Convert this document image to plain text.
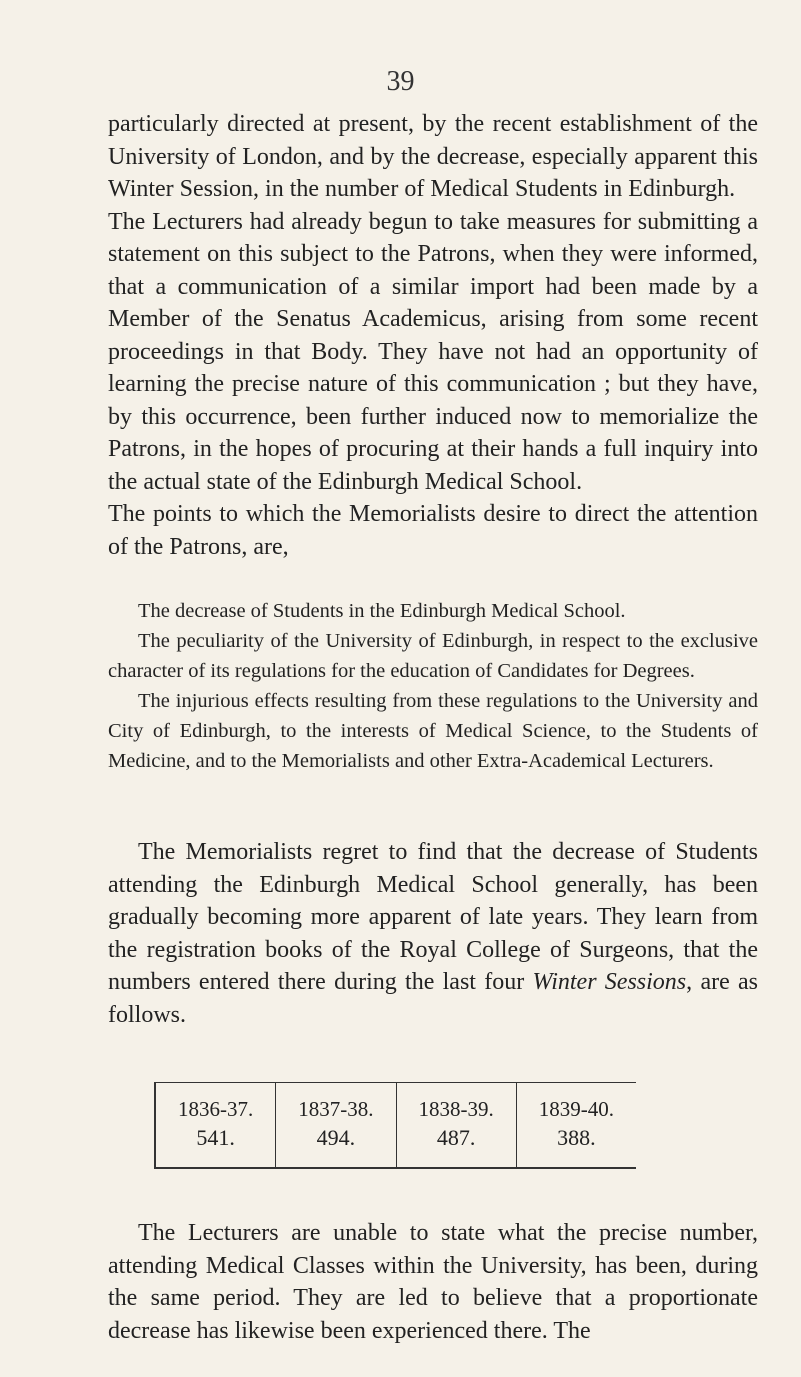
39

particularly directed at present, by the recent establishment of the University of London, and by the decrease, especially apparent this Winter Session, in the number of Medical Students in Edinburgh.

The Lecturers had already begun to take measures for submitting a statement on this subject to the Patrons, when they were informed, that a communication of a similar import had been made by a Member of the Senatus Academicus, arising from some recent proceedings in that Body. They have not had an opportunity of learning the precise nature of this communication ; but they have, by this occurrence, been further induced now to memorialize the Patrons, in the hopes of procuring at their hands a full inquiry into the actual state of the Edinburgh Medical School.

The points to which the Memorialists desire to direct the attention of the Patrons, are,

The decrease of Students in the Edinburgh Medical School.

The peculiarity of the University of Edinburgh, in respect to the exclusive character of its regulations for the education of Candidates for Degrees.

The injurious effects resulting from these regulations to the University and City of Edinburgh, to the interests of Medical Science, to the Students of Medicine, and to the Memorialists and other Extra-Academical Lecturers.

The Memorialists regret to find that the decrease of Students attending the Edinburgh Medical School generally, has been gradually becoming more apparent of late years. They learn from the registration books of the Royal College of Surgeons, that the numbers entered there during the last four Winter Sessions, are as follows.

1836-37.	1837-38.	1838-39.	1839-40.
541.	494.	487.	388.

The Lecturers are unable to state what the precise number, attending Medical Classes within the University, has been, during the same period. They are led to believe that a proportionate decrease has likewise been experienced there. The
